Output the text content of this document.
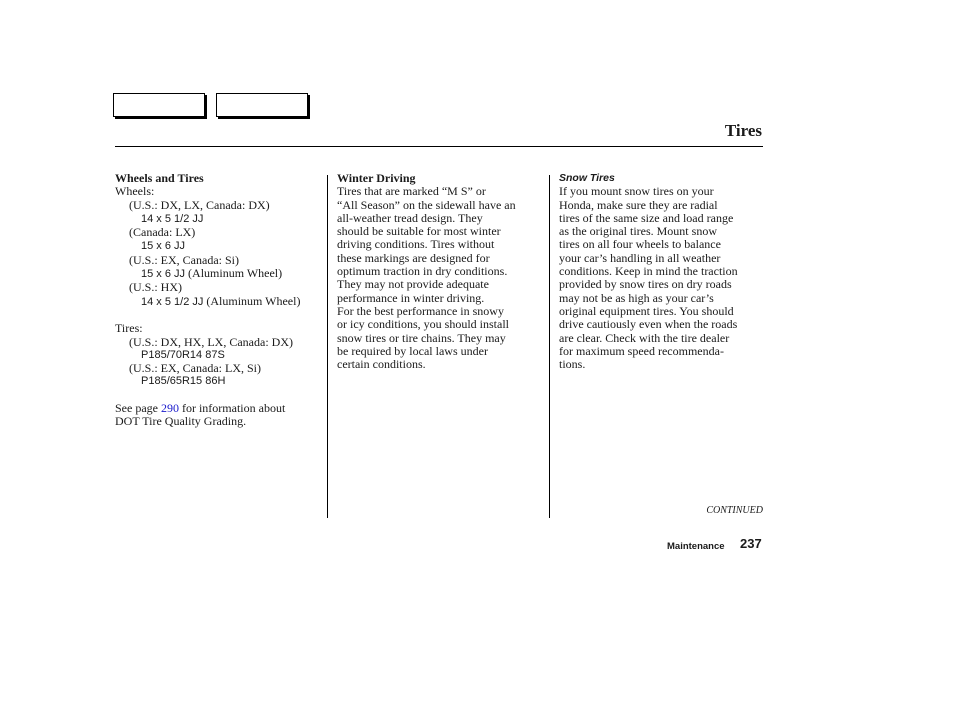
Tires
Wheels and Tires
Wheels:
(U.S.: DX, LX, Canada: DX)
14 x 5 1/2 JJ
(Canada: LX)
15 x 6 JJ
(U.S.: EX, Canada: Si)
15 x 6 JJ (Aluminum Wheel)
(U.S.: HX)
14 x 5 1/2 JJ (Aluminum Wheel)
Tires:
(U.S.: DX, HX, LX, Canada: DX)
P185/70R14 87S
(U.S.: EX, Canada: LX, Si)
P185/65R15 86H
See page 290 for information about
DOT Tire Quality Grading.
Winter Driving
Tires that are marked “M S” or
“All Season” on the sidewall have an
all-weather tread design. They
should be suitable for most winter
driving conditions. Tires without
these markings are designed for
optimum traction in dry conditions.
They may not provide adequate
performance in winter driving.
For the best performance in snowy
or icy conditions, you should install
snow tires or tire chains. They may
be required by local laws under
certain conditions.
Snow Tires
If you mount snow tires on your
Honda, make sure they are radial
tires of the same size and load range
as the original tires. Mount snow
tires on all four wheels to balance
your car’s handling in all weather
conditions. Keep in mind the traction
provided by snow tires on dry roads
may not be as high as your car’s
original equipment tires. You should
drive cautiously even when the roads
are clear. Check with the tire dealer
for maximum speed recommenda-
tions.
CONTINUED
Maintenance 237
